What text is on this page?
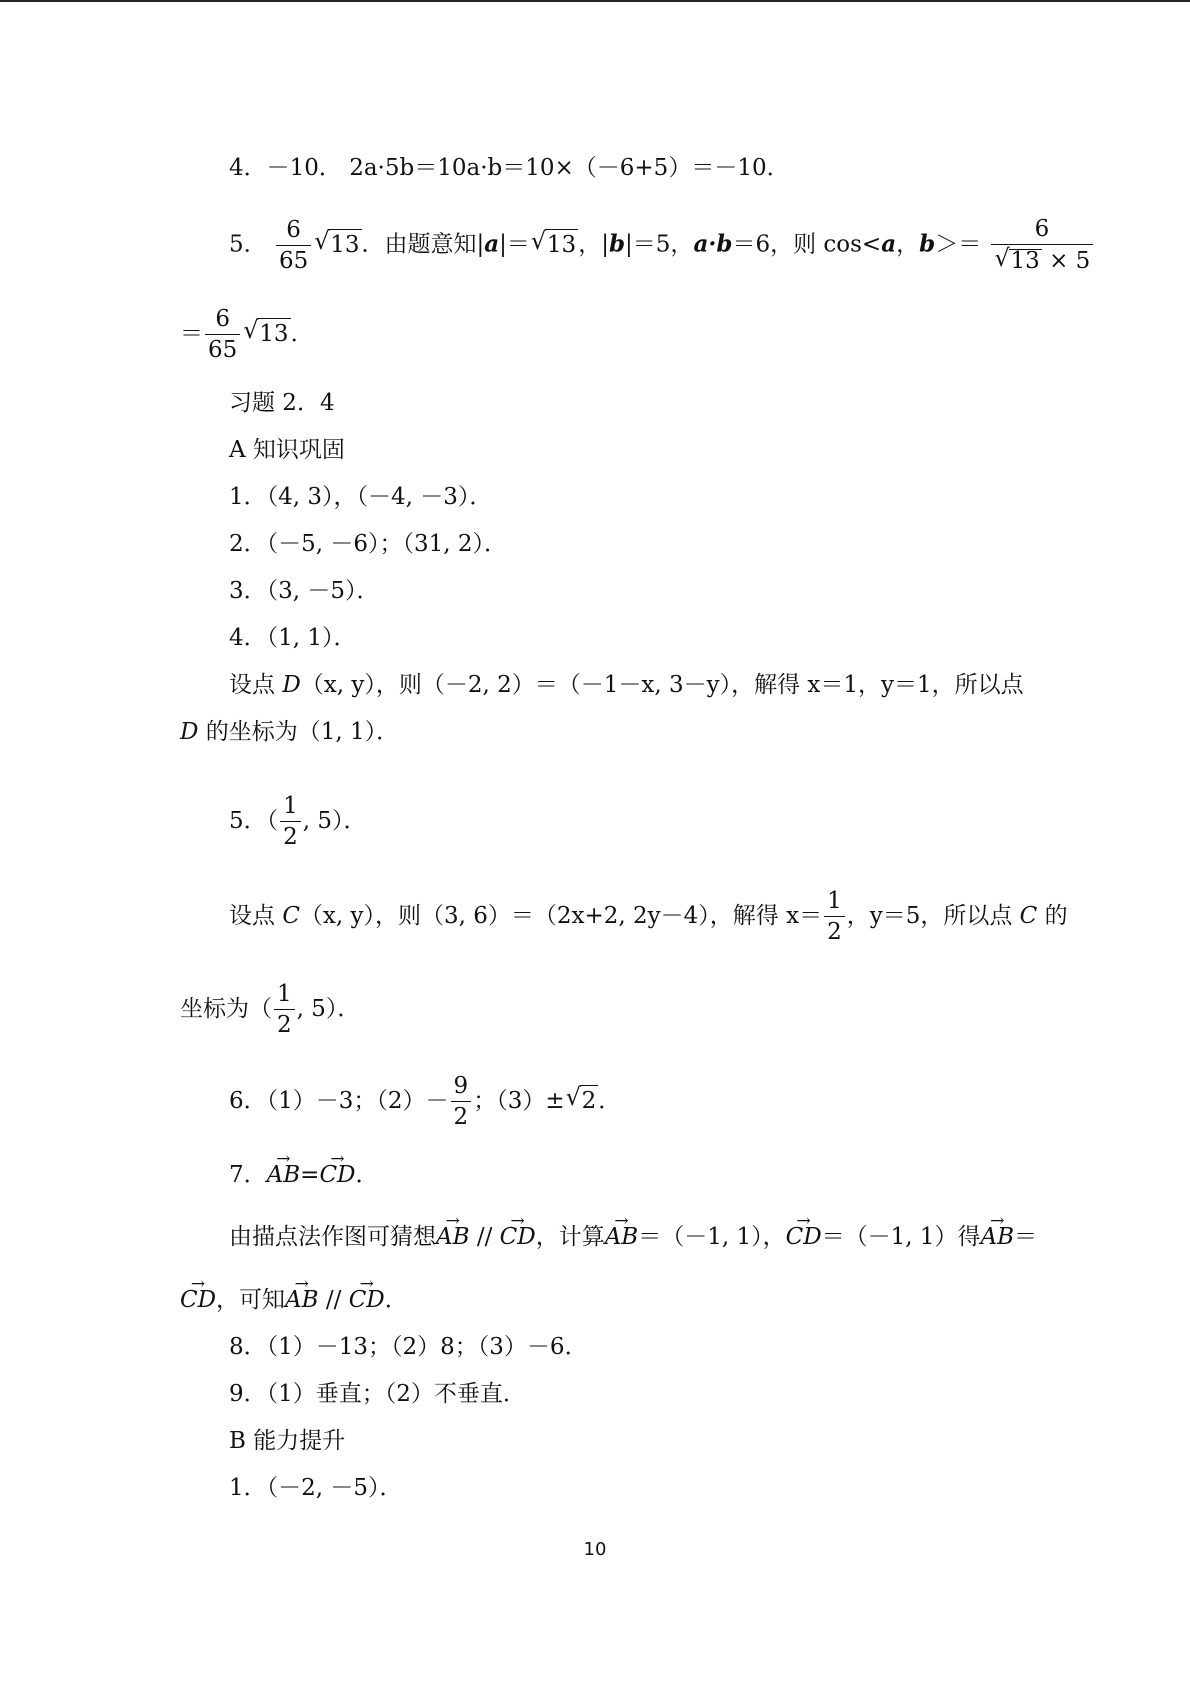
4．－10． 2a·5b＝10a·b＝10×（－6+5）＝－10．
5． $\frac{6}{65}$ √ 13．由题意知|a|＝ √ 13，|b|＝5，a·b＝6，则 cos<a，b＞＝ 6
√ 13 × 5
＝ $\frac{6}{65}$ √ 13．
习题 2．4
A 知识巩固
1．（4, 3），（－4, －3）．
2．（－5, －6）；（31, 2）．
3．（3, －5）．
4．（1, 1）．
设点 D（x, y），则（－2, 2）＝（－1－x, 3－y），解得 x＝1，y＝1，所以点
D 的坐标为（1, 1）．
5．（ $\frac{1}{2}$ , 5）．
设点 C（x, y），则（3, 6）＝（2x+2, 2y－4），解得 $x= \frac{1}{2}$ ，y＝5，所以点 C 的
坐标为（ $\frac{1}{2}$ , 5）．
6．（1）－3；$(2)- \frac{9}{2}$ ；（3）± √ 2．
7．AB →=CD →．
由描点法作图可猜想AB → // CD →，计算AB →＝（－1, 1），CD →＝（－1, 1）得AB →＝
CD →，可知AB → // CD →．
8．（1）－13；（2）8；（3）－6．
9．（1）垂直；（2）不垂直．
B 能力提升
1．（－2, －5）．
10
